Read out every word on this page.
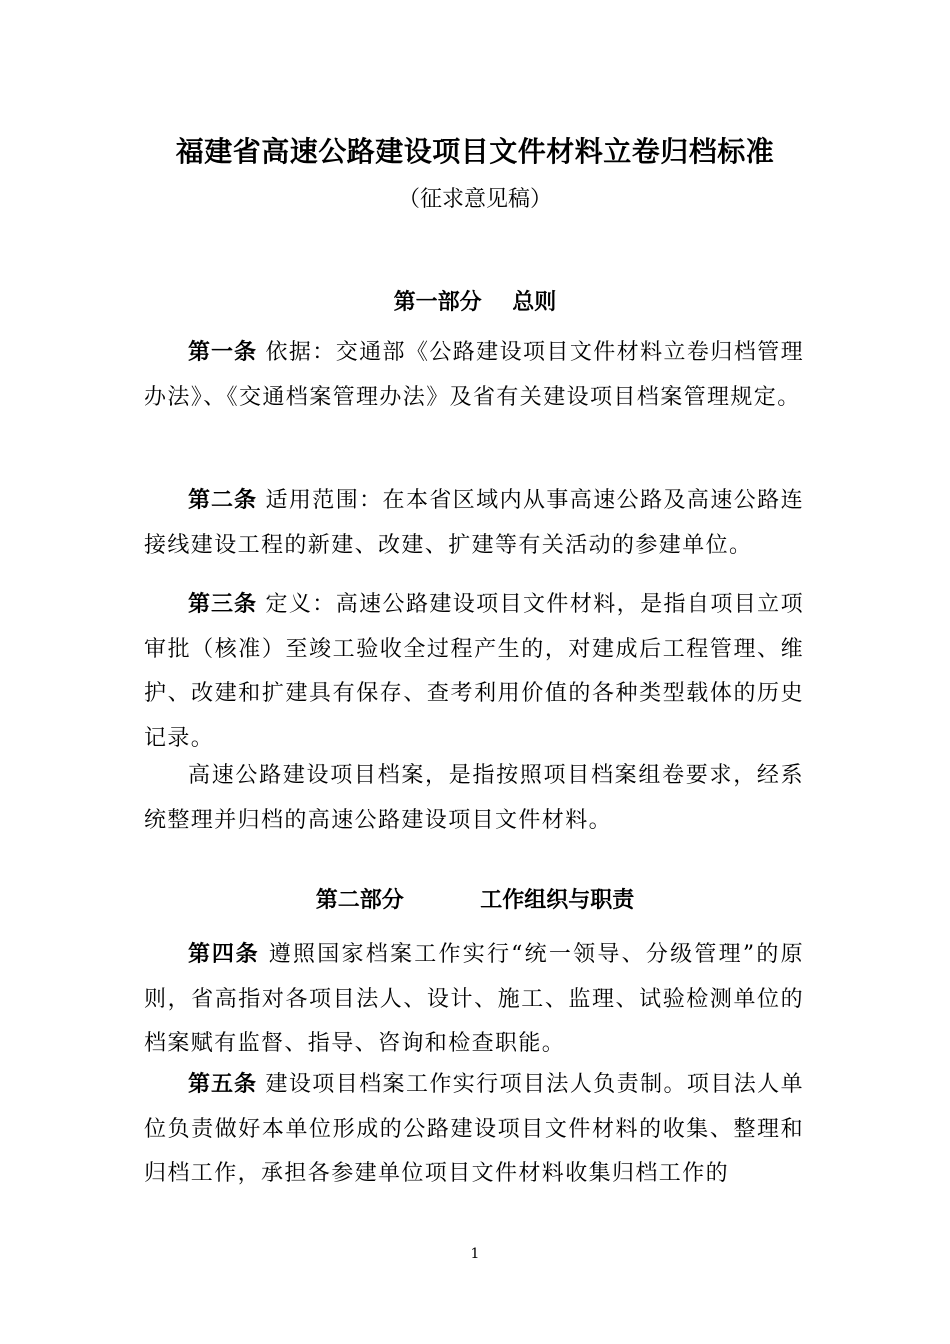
福建省高速公路建设项目文件材料立卷归档标准
（征求意见稿）
第一部分    总则
第一条 依据：交通部《公路建设项目文件材料立卷归档管理办法》、《交通档案管理办法》及省有关建设项目档案管理规定。
第二条 适用范围：在本省区域内从事高速公路及高速公路连接线建设工程的新建、改建、扩建等有关活动的参建单位。
第三条 定义：高速公路建设项目文件材料，是指自项目立项审批（核准）至竣工验收全过程产生的，对建成后工程管理、维护、改建和扩建具有保存、查考利用价值的各种类型载体的历史记录。
高速公路建设项目档案，是指按照项目档案组卷要求，经系统整理并归档的高速公路建设项目文件材料。
第二部分          工作组织与职责
第四条 遵照国家档案工作实行“统一领导、分级管理”的原则，省高指对各项目法人、设计、施工、监理、试验检测单位的档案赋有监督、指导、咨询和检查职能。
第五条 建设项目档案工作实行项目法人负责制。项目法人单位负责做好本单位形成的公路建设项目文件材料的收集、整理和归档工作，承担各参建单位项目文件材料收集归档工作的
1
